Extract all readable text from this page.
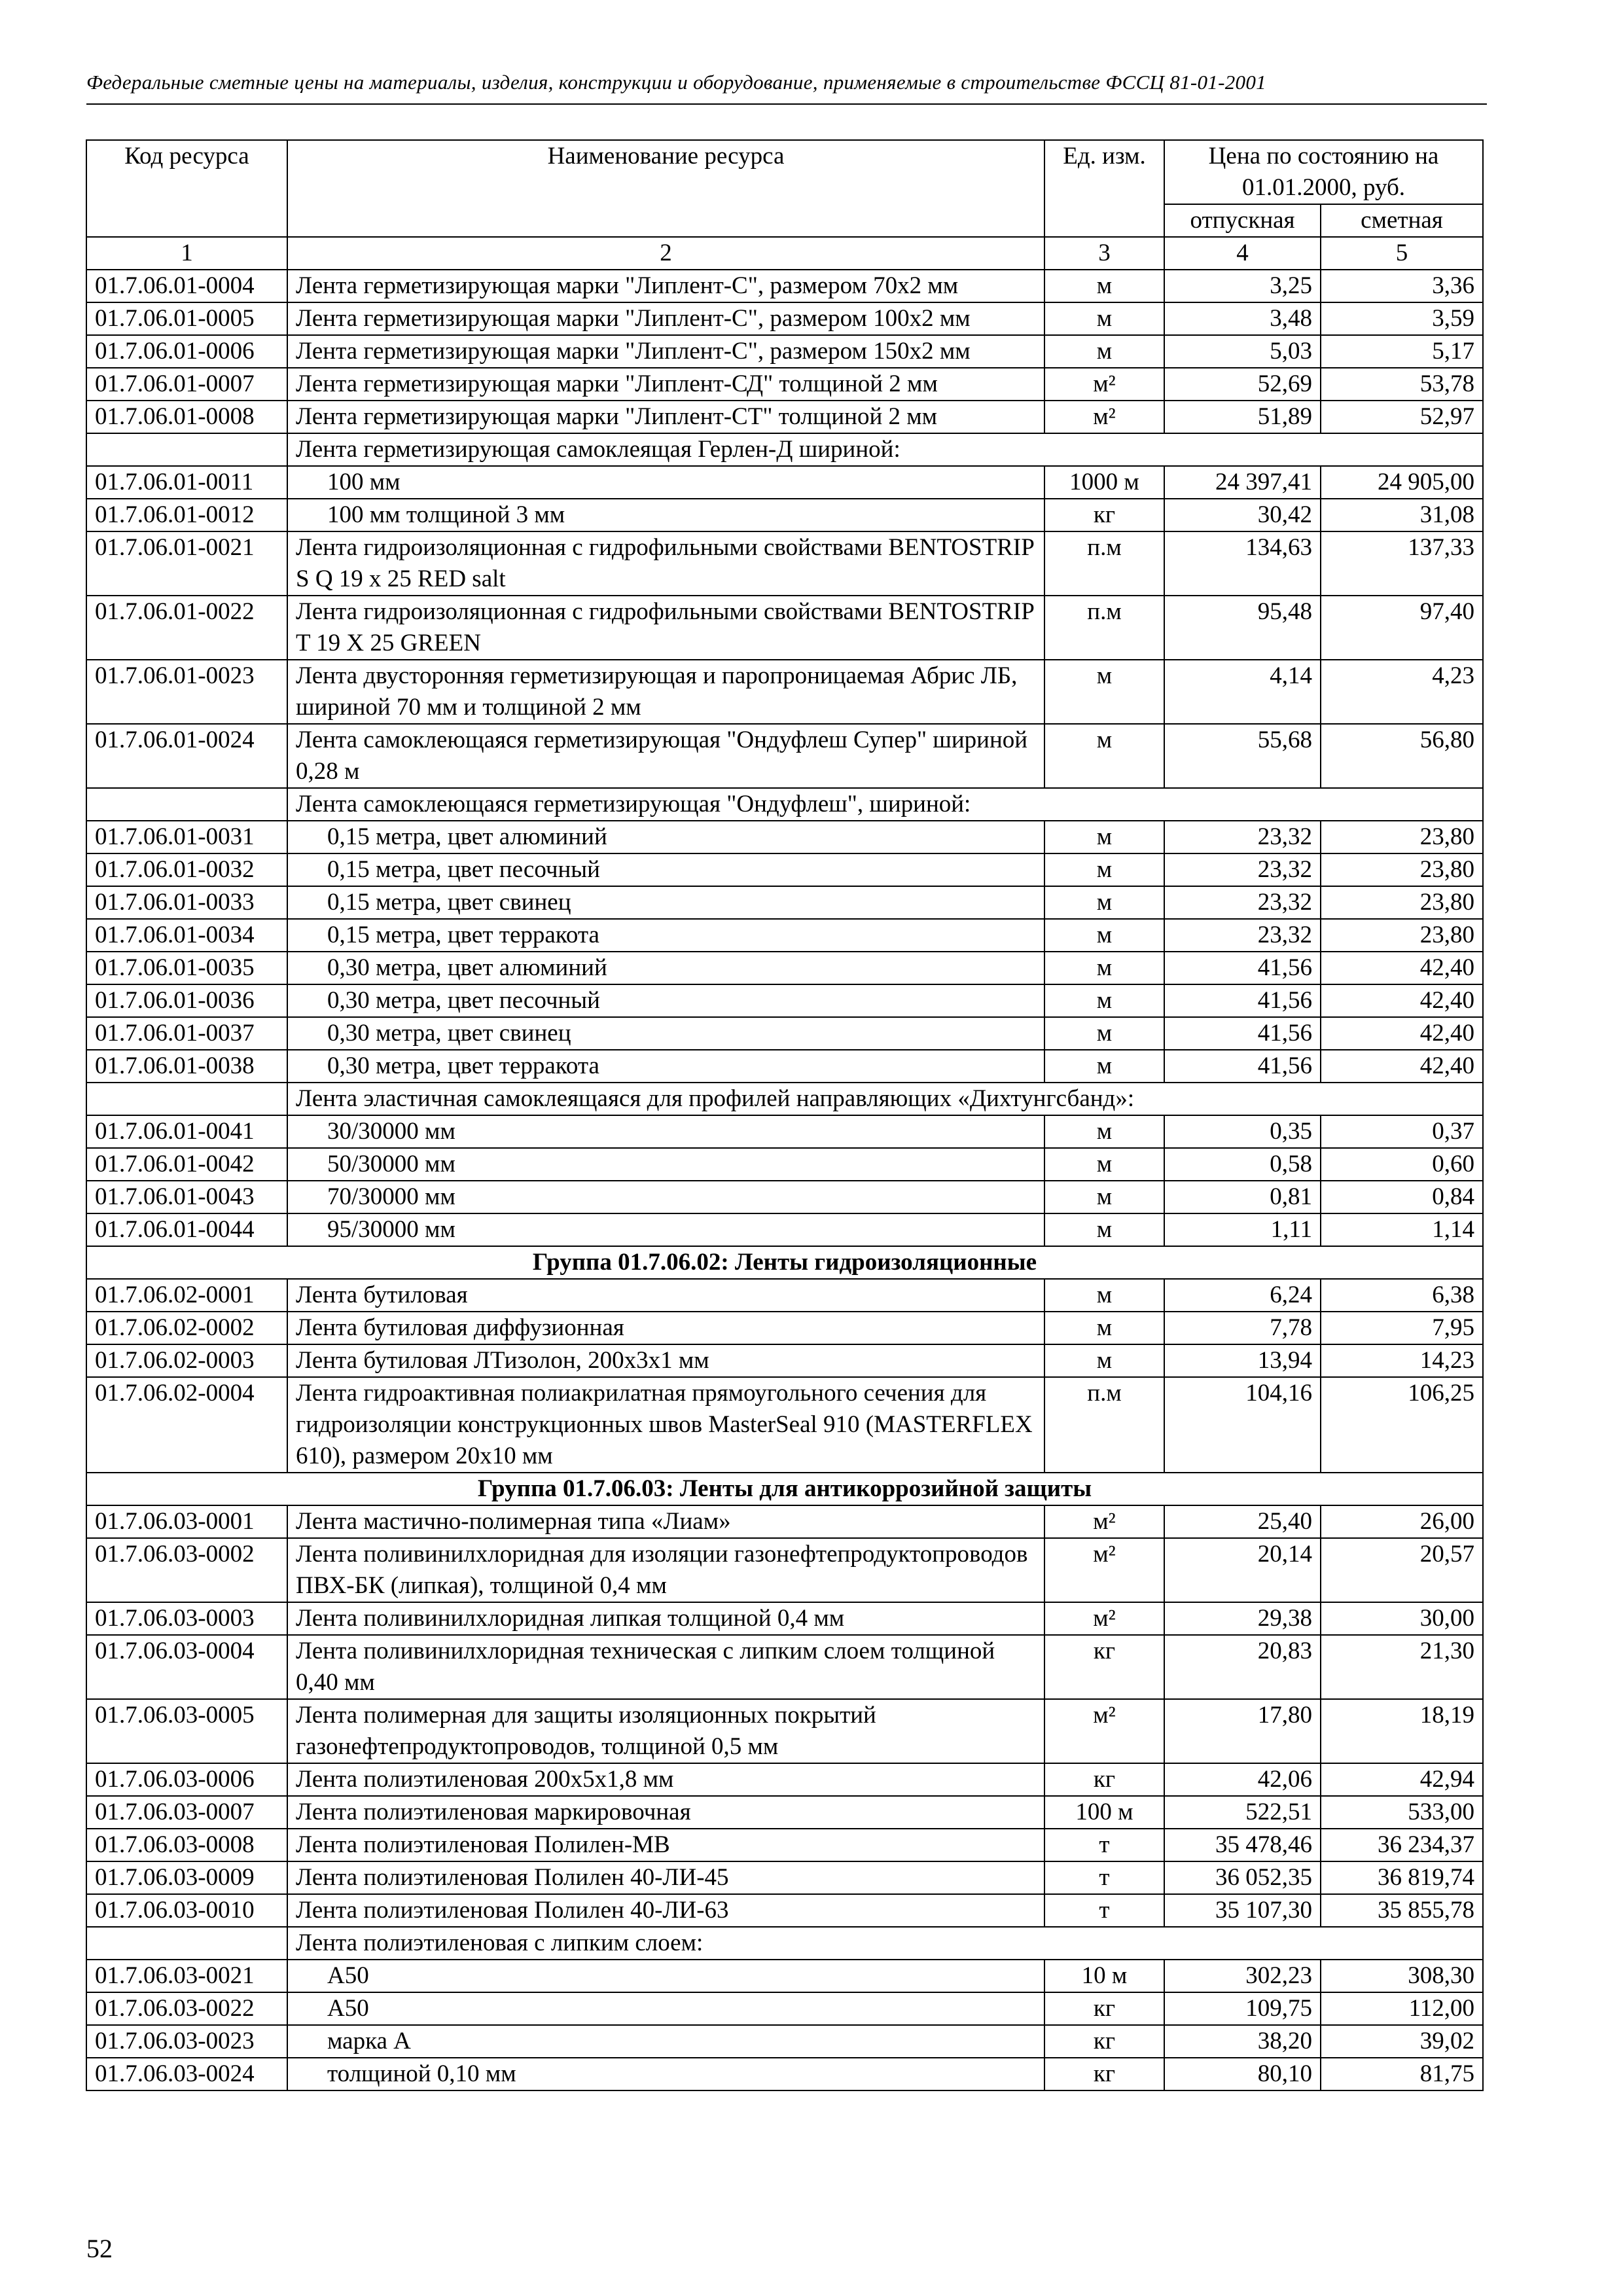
Федеральные сметные цены на материалы, изделия, конструкции и оборудование, применяемые в строительстве ФССЦ 81-01-2001
Код ресурса	Наименование ресурса	Ед. изм.	Цена по состоянию на 01.01.2000, руб.	
			отпускная	сметная
1	2	3	4	5
01.7.06.01-0004	Лента герметизирующая марки "Липлент-С", размером 70х2 мм	м	3,25	3,36
01.7.06.01-0005	Лента герметизирующая марки "Липлент-С", размером 100х2 мм	м	3,48	3,59
01.7.06.01-0006	Лента герметизирующая марки "Липлент-С", размером 150х2 мм	м	5,03	5,17
01.7.06.01-0007	Лента герметизирующая марки "Липлент-СД" толщиной 2 мм	м²	52,69	53,78
01.7.06.01-0008	Лента герметизирующая марки "Липлент-СТ" толщиной 2 мм	м²	51,89	52,97
	Лента герметизирующая самоклеящая Герлен-Д шириной:			
01.7.06.01-0011	100 мм	1000 м	24 397,41	24 905,00
01.7.06.01-0012	100 мм толщиной 3 мм	кг	30,42	31,08
01.7.06.01-0021	Лента гидроизоляционная с гидрофильными свойствами BENTOSTRIP S Q 19 х 25 RED salt	п.м	134,63	137,33
01.7.06.01-0022	Лента гидроизоляционная с гидрофильными свойствами BENTOSTRIP T 19 X 25 GREEN	п.м	95,48	97,40
01.7.06.01-0023	Лента двусторонняя герметизирующая и паропроницаемая Абрис ЛБ, шириной 70 мм и толщиной 2 мм	м	4,14	4,23
01.7.06.01-0024	Лента самоклеющаяся герметизирующая "Ондуфлеш Супер" шириной 0,28 м	м	55,68	56,80
	Лента самоклеющаяся герметизирующая "Ондуфлеш", шириной:			
01.7.06.01-0031	0,15 метра, цвет алюминий	м	23,32	23,80
01.7.06.01-0032	0,15 метра, цвет песочный	м	23,32	23,80
01.7.06.01-0033	0,15 метра, цвет свинец	м	23,32	23,80
01.7.06.01-0034	0,15 метра, цвет терракота	м	23,32	23,80
01.7.06.01-0035	0,30 метра, цвет алюминий	м	41,56	42,40
01.7.06.01-0036	0,30 метра, цвет песочный	м	41,56	42,40
01.7.06.01-0037	0,30 метра, цвет свинец	м	41,56	42,40
01.7.06.01-0038	0,30 метра, цвет терракота	м	41,56	42,40
	Лента эластичная самоклеящаяся для профилей направляющих «Дихтунгсбанд»:			
01.7.06.01-0041	30/30000 мм	м	0,35	0,37
01.7.06.01-0042	50/30000 мм	м	0,58	0,60
01.7.06.01-0043	70/30000 мм	м	0,81	0,84
01.7.06.01-0044	95/30000 мм	м	1,11	1,14
Группа 01.7.06.02: Ленты гидроизоляционные				
01.7.06.02-0001	Лента бутиловая	м	6,24	6,38
01.7.06.02-0002	Лента бутиловая диффузионная	м	7,78	7,95
01.7.06.02-0003	Лента бутиловая ЛТизолон, 200х3х1 мм	м	13,94	14,23
01.7.06.02-0004	Лента гидроактивная полиакрилатная прямоугольного сечения для гидроизоляции конструкционных швов MasterSeal 910 (MASTERFLEX 610), размером 20х10 мм	п.м	104,16	106,25
Группа 01.7.06.03: Ленты для антикоррозийной защиты				
01.7.06.03-0001	Лента мастично-полимерная типа «Лиам»	м²	25,40	26,00
01.7.06.03-0002	Лента поливинилхлоридная для изоляции газонефтепродуктопроводов ПВХ-БК (липкая), толщиной 0,4 мм	м²	20,14	20,57
01.7.06.03-0003	Лента поливинилхлоридная липкая толщиной 0,4 мм	м²	29,38	30,00
01.7.06.03-0004	Лента поливинилхлоридная техническая с липким слоем толщиной 0,40 мм	кг	20,83	21,30
01.7.06.03-0005	Лента полимерная для защиты изоляционных покрытий газонефтепродуктопроводов, толщиной 0,5 мм	м²	17,80	18,19
01.7.06.03-0006	Лента полиэтиленовая 200х5х1,8 мм	кг	42,06	42,94
01.7.06.03-0007	Лента полиэтиленовая маркировочная	100 м	522,51	533,00
01.7.06.03-0008	Лента полиэтиленовая Полилен-МВ	т	35 478,46	36 234,37
01.7.06.03-0009	Лента полиэтиленовая Полилен 40-ЛИ-45	т	36 052,35	36 819,74
01.7.06.03-0010	Лента полиэтиленовая Полилен 40-ЛИ-63	т	35 107,30	35 855,78
	Лента полиэтиленовая с липким слоем:			
01.7.06.03-0021	А50	10 м	302,23	308,30
01.7.06.03-0022	А50	кг	109,75	112,00
01.7.06.03-0023	марка А	кг	38,20	39,02
01.7.06.03-0024	толщиной 0,10 мм	кг	80,10	81,75
52
